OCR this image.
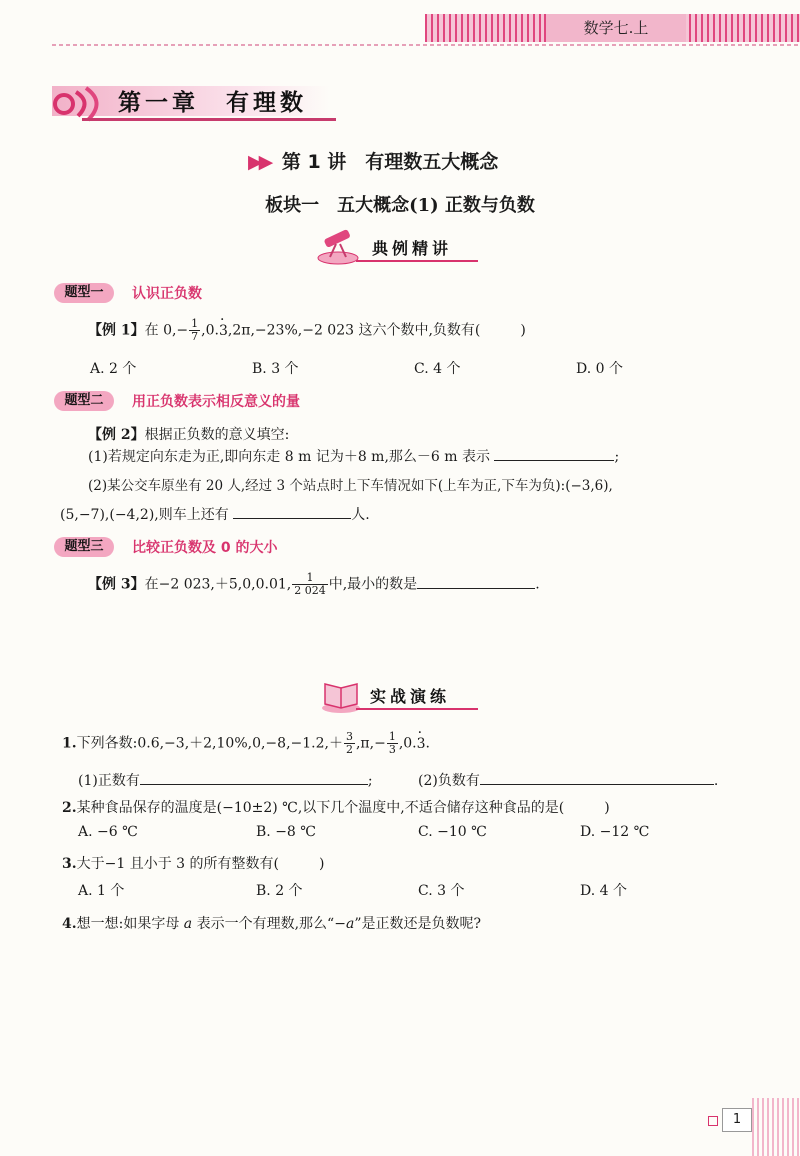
数学七.上
第一章　有理数
▶▶ 第 1 讲　有理数五大概念
板块一　五大概念(1) 正数与负数
典例精讲
题型一	认识正负数
【例 1】在 $0,- \frac{1}{7} ,0.3 \cdot,2\pi,-23\%,-2$ 023 这六个数中,负数有(	)
A. 2 个	B. 3 个	C. 4 个	D. 0 个
题型二	用正负数表示相反意义的量
【例 2】根据正负数的意义填空:
(1)若规定向东走为正,即向东走 8 m 记为＋8 m,那么－6 m 表示	;
(2)某公交车原坐有 20 人,经过 3 个站点时上下车情况如下(上车为正,下车为负):(−3,6),
(5,−7),(−4,2),则车上还有	人.
题型三	比较正负数及 0 的大小
【例 3】在−2 023,＋5,0,0.01, $\frac{1}{2 024}$ 中,最小的数是	.
实战演练
1.下列各数:0.6,−3,＋2,10%,0,−8,−1.2,＋ $\frac{3}{2} ,\pi,- \frac{1}{3} ,0.3$ ·.
(1)正数有	;	(2)负数有	.
2.某种食品保存的温度是(−10±2) ℃,以下几个温度中,不适合储存这种食品的是(	)
A. −6 ℃	B. −8 ℃	C. −10 ℃	D. −12 ℃
3.大于−1 且小于 3 的所有整数有(	)
A. 1 个	B. 2 个	C. 3 个	D. 4 个
4.想一想:如果字母 a 表示一个有理数,那么“−a”是正数还是负数呢?
1
